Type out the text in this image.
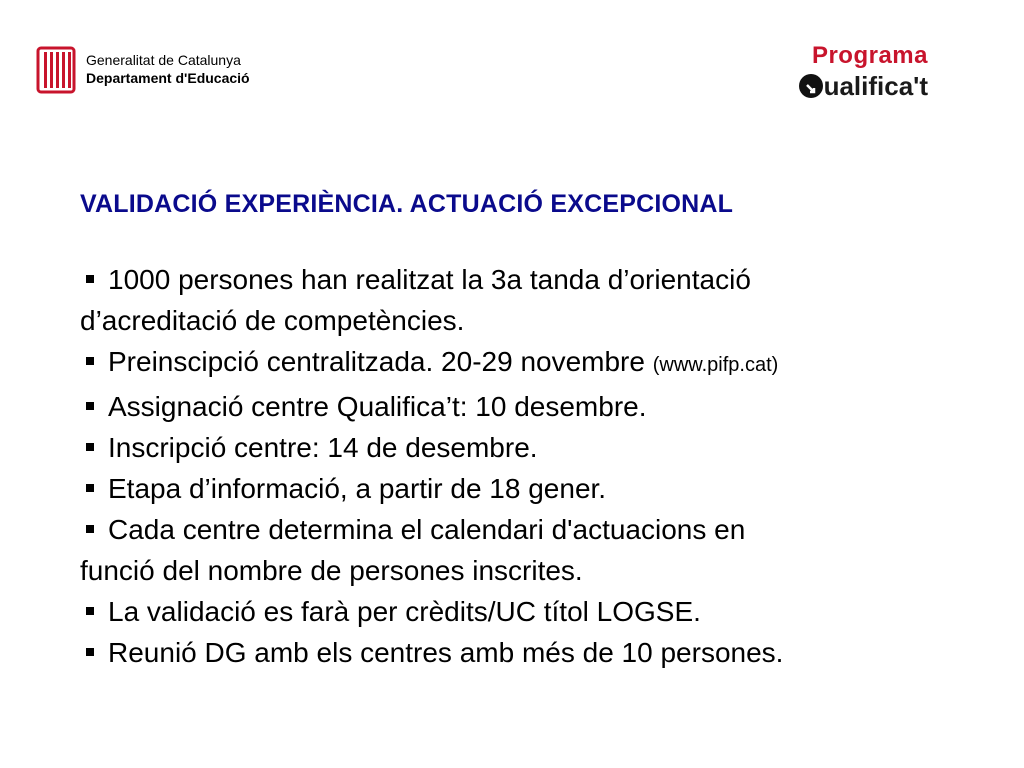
Generalitat de Catalunya
Departament d'Educació
Programa
ualifica't
VALIDACIÓ EXPERIÈNCIA. ACTUACIÓ EXCEPCIONAL
1000 persones han realitzat la 3a tanda d’orientació
d’acreditació de competències.
Preinscipció centralitzada. 20-29 novembre (www.pifp.cat)
Assignació centre Qualifica’t: 10 desembre.
Inscripció centre: 14 de desembre.
Etapa d’informació, a partir de 18 gener.
Cada centre determina el calendari d'actuacions en
funció del nombre de persones inscrites.
La validació es farà per crèdits/UC títol LOGSE.
Reunió DG amb els centres amb més de 10 persones.
